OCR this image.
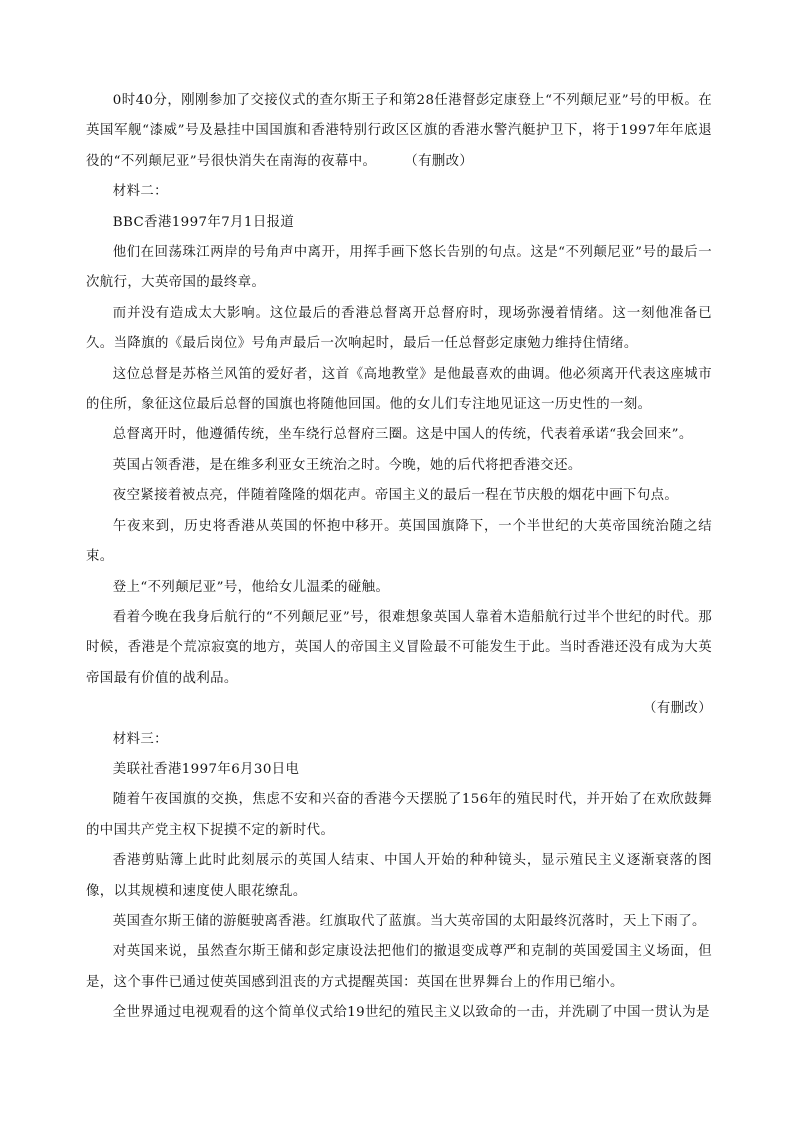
0时40分，刚刚参加了交接仪式的查尔斯王子和第28任港督彭定康登上“不列颠尼亚”号的甲板。在英国军舰“漆威”号及悬挂中国国旗和香港特别行政区区旗的香港水警汽艇护卫下，将于1997年年底退役的“不列颠尼亚”号很快消失在南海的夜幕中。　　　（有删改）

材料二：

BBC香港1997年7月1日报道

他们在回荡珠江两岸的号角声中离开，用挥手画下悠长告别的句点。这是“不列颠尼亚”号的最后一次航行，大英帝国的最终章。

而并没有造成太大影响。这位最后的香港总督离开总督府时，现场弥漫着情绪。这一刻他准备已久。当降旗的《最后岗位》号角声最后一次响起时，最后一任总督彭定康勉力维持住情绪。

这位总督是苏格兰风笛的爱好者，这首《高地教堂》是他最喜欢的曲调。他必须离开代表这座城市的住所，象征这位最后总督的国旗也将随他回国。他的女儿们专注地见证这一历史性的一刻。

总督离开时，他遵循传统，坐车绕行总督府三圈。这是中国人的传统，代表着承诺“我会回来”。

英国占领香港，是在维多利亚女王统治之时。今晚，她的后代将把香港交还。

夜空紧接着被点亮，伴随着隆隆的烟花声。帝国主义的最后一程在节庆般的烟花中画下句点。

午夜来到，历史将香港从英国的怀抱中移开。英国国旗降下，一个半世纪的大英帝国统治随之结束。

登上“不列颠尼亚”号，他给女儿温柔的碰触。

看着今晚在我身后航行的“不列颠尼亚”号，很难想象英国人靠着木造船航行过半个世纪的时代。那时候，香港是个荒凉寂寞的地方，英国人的帝国主义冒险最不可能发生于此。当时香港还没有成为大英帝国最有价值的战利品。

（有删改）

材料三：

美联社香港1997年6月30日电

随着午夜国旗的交换，焦虑不安和兴奋的香港今天摆脱了156年的殖民时代，并开始了在欢欣鼓舞的中国共产党主权下捉摸不定的新时代。

香港剪贴簿上此时此刻展示的英国人结束、中国人开始的种种镜头，显示殖民主义逐渐衰落的图像，以其规模和速度使人眼花缭乱。

英国查尔斯王储的游艇驶离香港。红旗取代了蓝旗。当大英帝国的太阳最终沉落时，天上下雨了。

对英国来说，虽然查尔斯王储和彭定康设法把他们的撤退变成尊严和克制的英国爱国主义场面，但是，这个事件已通过使英国感到沮丧的方式提醒英国：英国在世界舞台上的作用已缩小。

全世界通过电视观看的这个简单仪式给19世纪的殖民主义以致命的一击，并洗刷了中国一贯认为是
